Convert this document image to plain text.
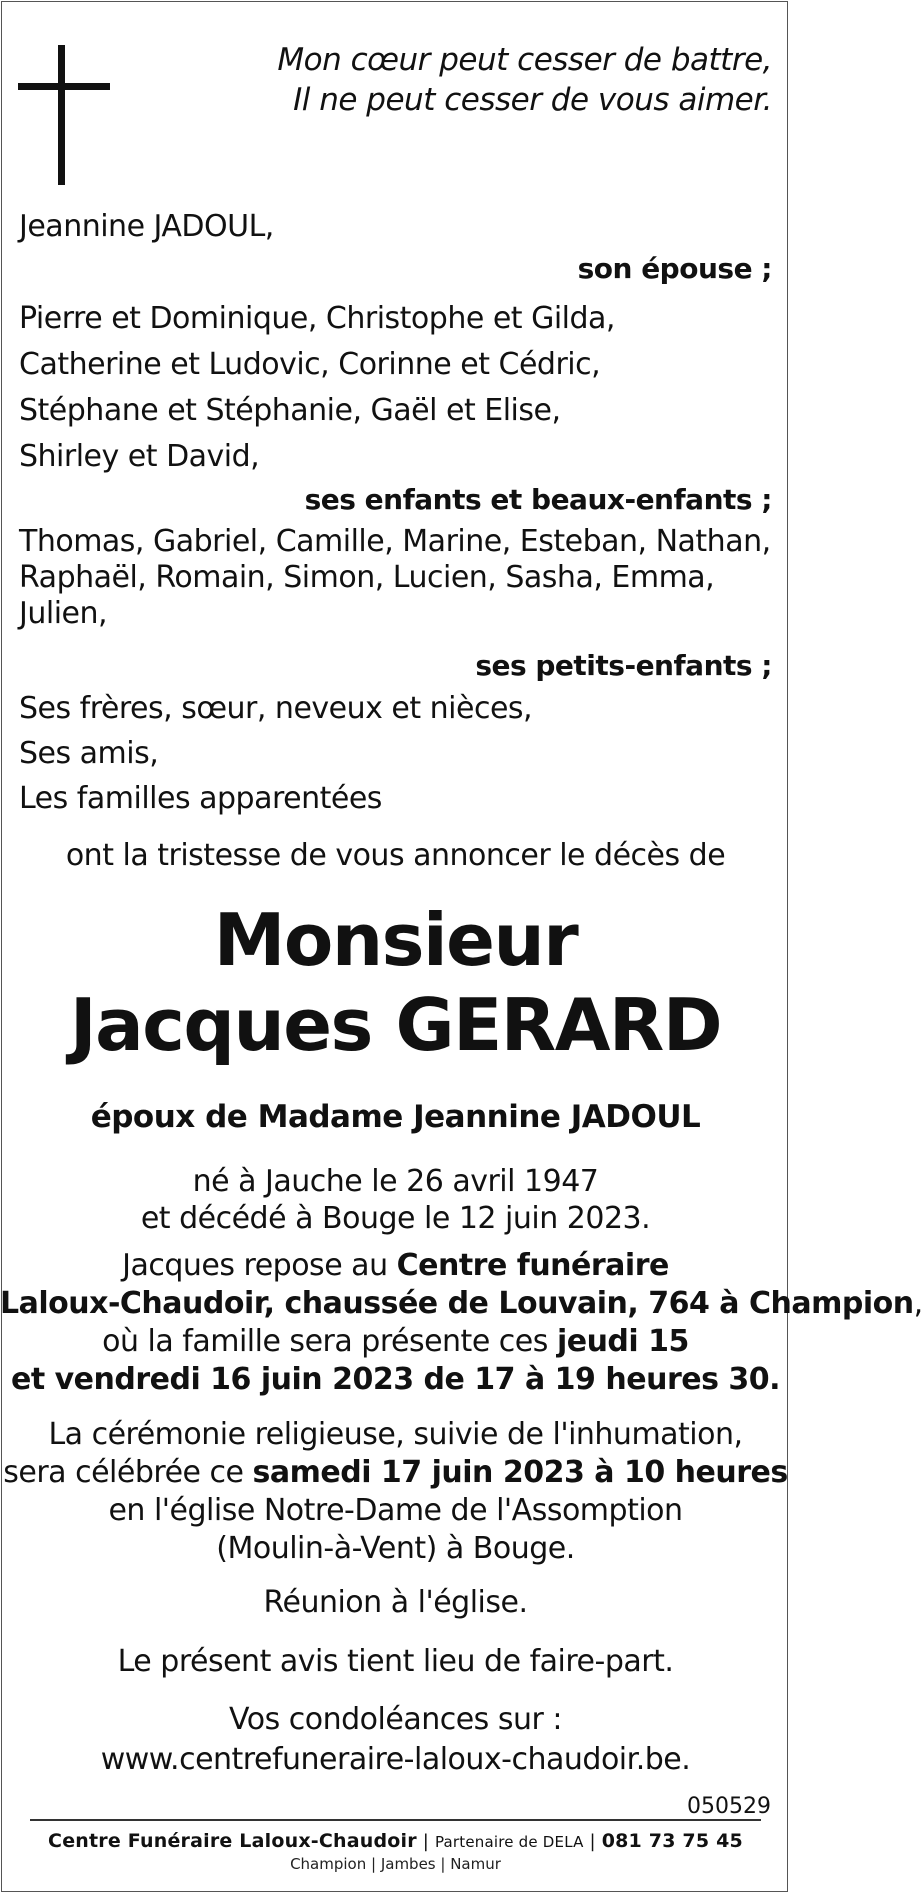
Mon cœur peut cesser de battre,
Il ne peut cesser de vous aimer.
Jeannine JADOUL,
son épouse ;
Pierre et Dominique, Christophe et Gilda,
Catherine et Ludovic, Corinne et Cédric,
Stéphane et Stéphanie, Gaël et Elise,
Shirley et David,
ses enfants et beaux-enfants ;
Thomas, Gabriel, Camille, Marine, Esteban, Nathan,
Raphaël, Romain, Simon, Lucien, Sasha, Emma,
Julien,
ses petits-enfants ;
Ses frères, sœur, neveux et nièces,
Ses amis,
Les familles apparentées
ont la tristesse de vous annoncer le décès de
Monsieur
Jacques GERARD
époux de Madame Jeannine JADOUL
né à Jauche le 26 avril 1947
et décédé à Bouge le 12 juin 2023.
Jacques repose au Centre funéraire
Laloux-Chaudoir, chaussée de Louvain, 764 à Champion,
où la famille sera présente ces jeudi 15
et vendredi 16 juin 2023 de 17 à 19 heures 30.
La cérémonie religieuse, suivie de l'inhumation,
sera célébrée ce samedi 17 juin 2023 à 10 heures
en l'église Notre-Dame de l'Assomption
(Moulin-à-Vent) à Bouge.
Réunion à l'église.
Le présent avis tient lieu de faire-part.
Vos condoléances sur :
www.centrefuneraire-laloux-chaudoir.be.
050529
Centre Funéraire Laloux-Chaudoir | Partenaire de DELA | 081 73 75 45
Champion | Jambes | Namur
